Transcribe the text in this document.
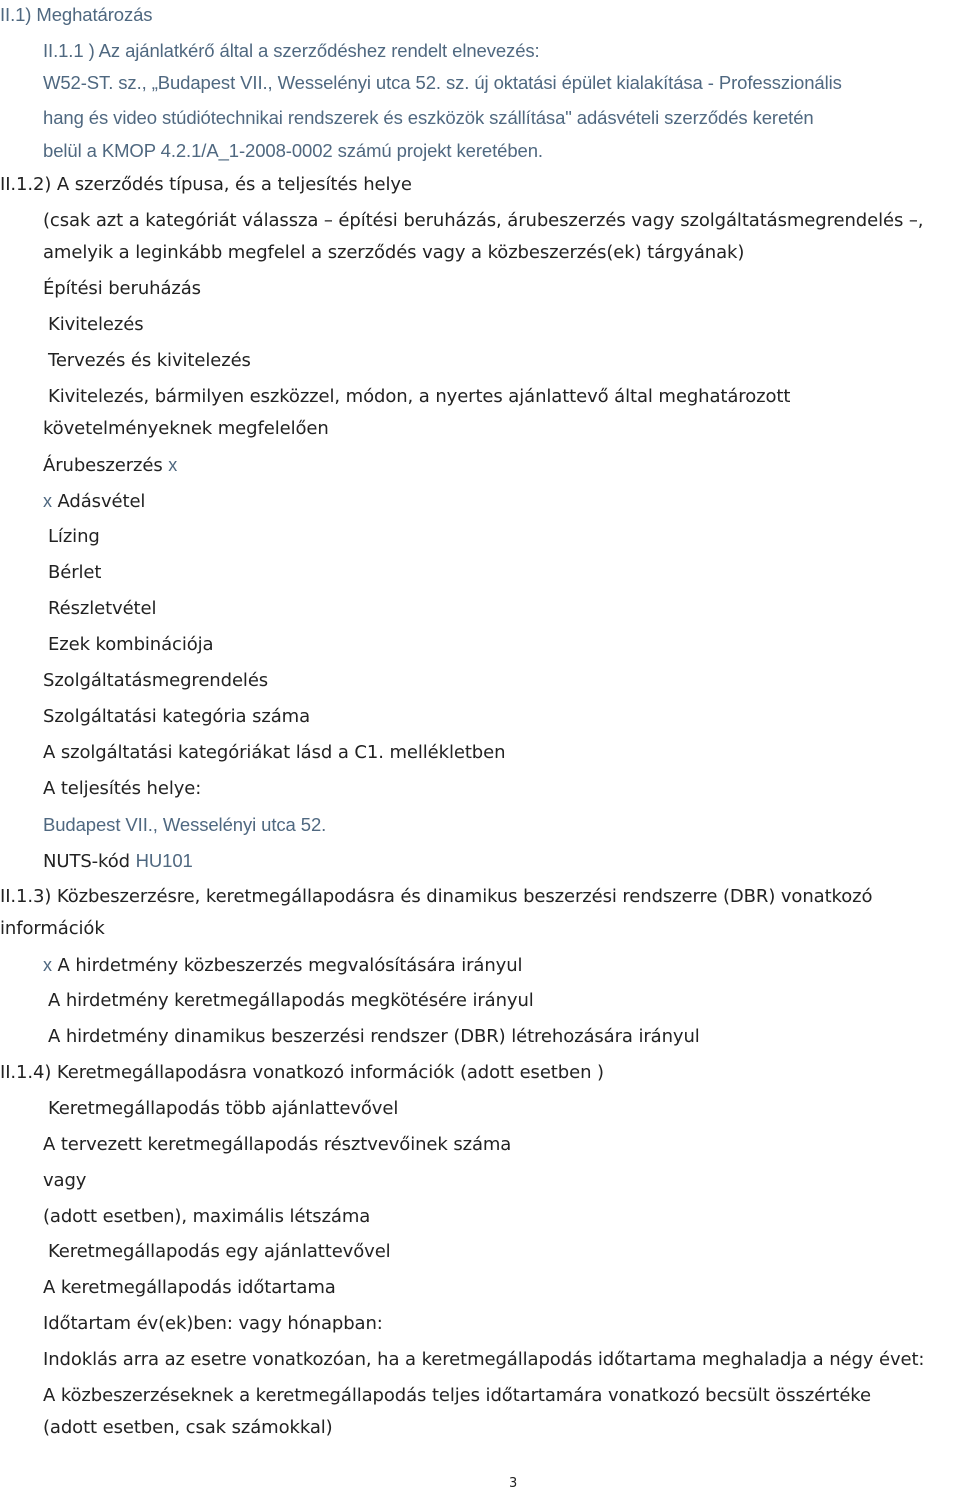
II.1) Meghatározás
II.1.1 ) Az ajánlatkérő által a szerződéshez rendelt elnevezés:
W52-ST. sz., „Budapest VII., Wesselényi utca 52. sz. új oktatási épület kialakítása - Professzionális
hang és video stúdiótechnikai rendszerek és eszközök szállítása" adásvételi szerződés keretén
belül a KMOP 4.2.1/A_1-2008-0002 számú projekt keretében.
II.1.2) A szerződés típusa, és a teljesítés helye
(csak azt a kategóriát válassza – építési beruházás, árubeszerzés vagy szolgáltatásmegrendelés –,
amelyik a leginkább megfelel a szerződés vagy a közbeszerzés(ek) tárgyának)
Építési beruházás
Kivitelezés
Tervezés és kivitelezés
Kivitelezés, bármilyen eszközzel, módon, a nyertes ajánlattevő által meghatározott
követelményeknek megfelelően
Árubeszerzés x
x Adásvétel
Lízing
Bérlet
Részletvétel
Ezek kombinációja
Szolgáltatásmegrendelés
Szolgáltatási kategória száma
A szolgáltatási kategóriákat lásd a C1. mellékletben
A teljesítés helye:
Budapest VII., Wesselényi utca 52.
NUTS-kód HU101
II.1.3) Közbeszerzésre, keretmegállapodásra és dinamikus beszerzési rendszerre (DBR) vonatkozó
információk
x A hirdetmény közbeszerzés megvalósítására irányul
A hirdetmény keretmegállapodás megkötésére irányul
A hirdetmény dinamikus beszerzési rendszer (DBR) létrehozására irányul
II.1.4) Keretmegállapodásra vonatkozó információk (adott esetben )
Keretmegállapodás több ajánlattevővel
A tervezett keretmegállapodás résztvevőinek száma
vagy
(adott esetben), maximális létszáma
Keretmegállapodás egy ajánlattevővel
A keretmegállapodás időtartama
Időtartam év(ek)ben: vagy hónapban:
Indoklás arra az esetre vonatkozóan, ha a keretmegállapodás időtartama meghaladja a négy évet:
A közbeszerzéseknek a keretmegállapodás teljes időtartamára vonatkozó becsült összértéke
(adott esetben, csak számokkal)
3
